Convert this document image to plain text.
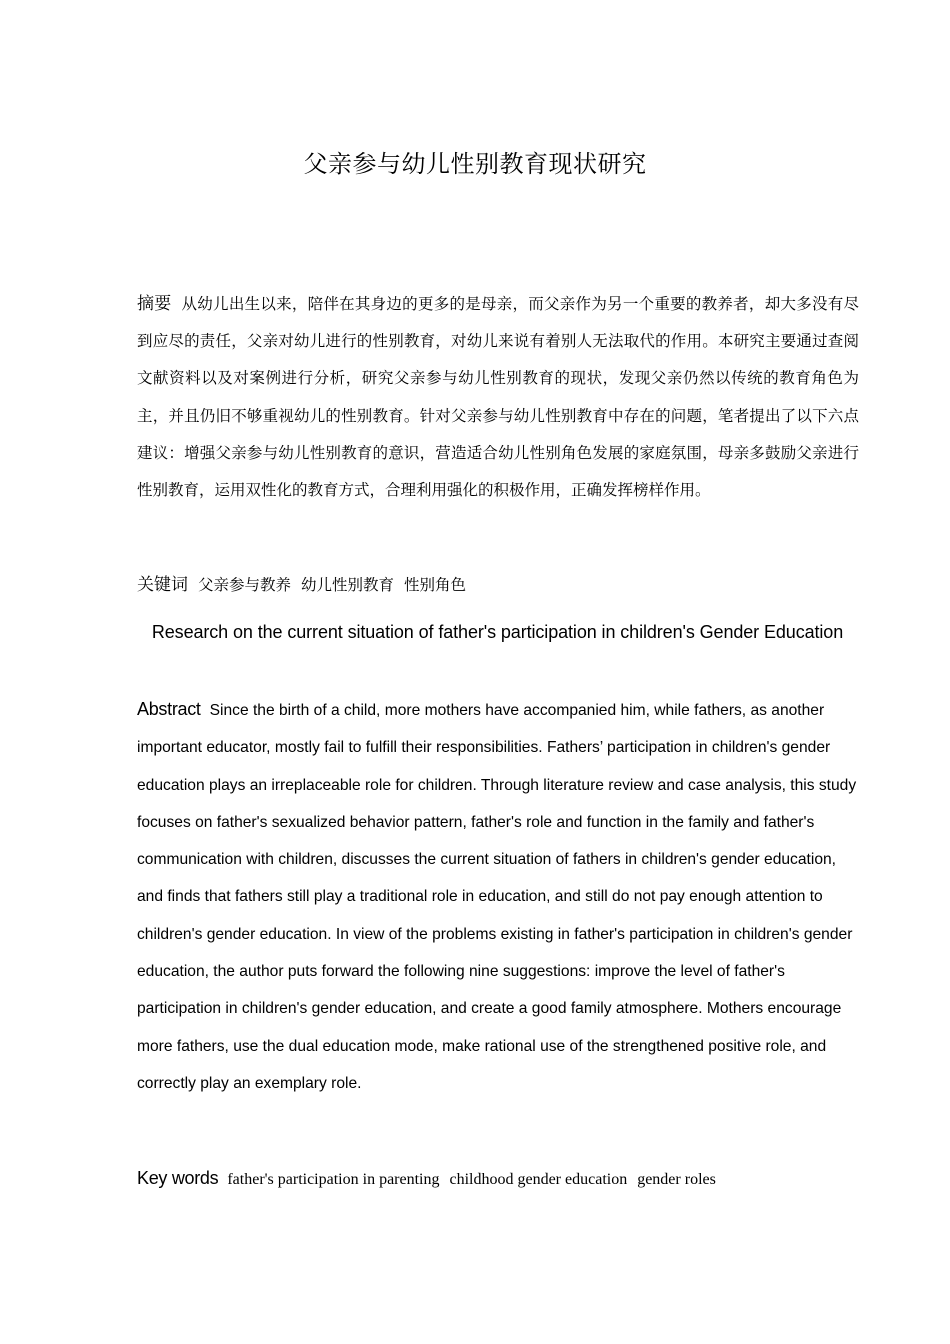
父亲参与幼儿性别教育现状研究
摘要 从幼儿出生以来，陪伴在其身边的更多的是母亲，而父亲作为另一个重要的教养者，却大多没有尽到应尽的责任，父亲对幼儿进行的性别教育，对幼儿来说有着别人无法取代的作用。本研究主要通过查阅文献资料以及对案例进行分析，研究父亲参与幼儿性别教育的现状，发现父亲仍然以传统的教育角色为主，并且仍旧不够重视幼儿的性别教育。针对父亲参与幼儿性别教育中存在的问题，笔者提出了以下六点建议：增强父亲参与幼儿性别教育的意识，营造适合幼儿性别角色发展的家庭氛围，母亲多鼓励父亲进行性别教育，运用双性化的教育方式，合理利用强化的积极作用，正确发挥榜样作用。
关键词 父亲参与教养 幼儿性别教育 性别角色
Research on the current situation of father's participation in children's Gender Education
Abstract Since the birth of a child, more mothers have accompanied him, while fathers, as another important educator, mostly fail to fulfill their responsibilities. Fathers’ participation in children's gender education plays an irreplaceable role for children. Through literature review and case analysis, this study focuses on father's sexualized behavior pattern, father's role and function in the family and father's communication with children, discusses the current situation of fathers in children's gender education, and finds that fathers still play a traditional role in education, and still do not pay enough attention to children's gender education. In view of the problems existing in father's participation in children's gender education, the author puts forward the following nine suggestions: improve the level of father's participation in children's gender education, and create a good family atmosphere. Mothers encourage more fathers, use the dual education mode, make rational use of the strengthened positive role, and correctly play an exemplary role.
Key words father's participation in parenting childhood gender education gender roles
